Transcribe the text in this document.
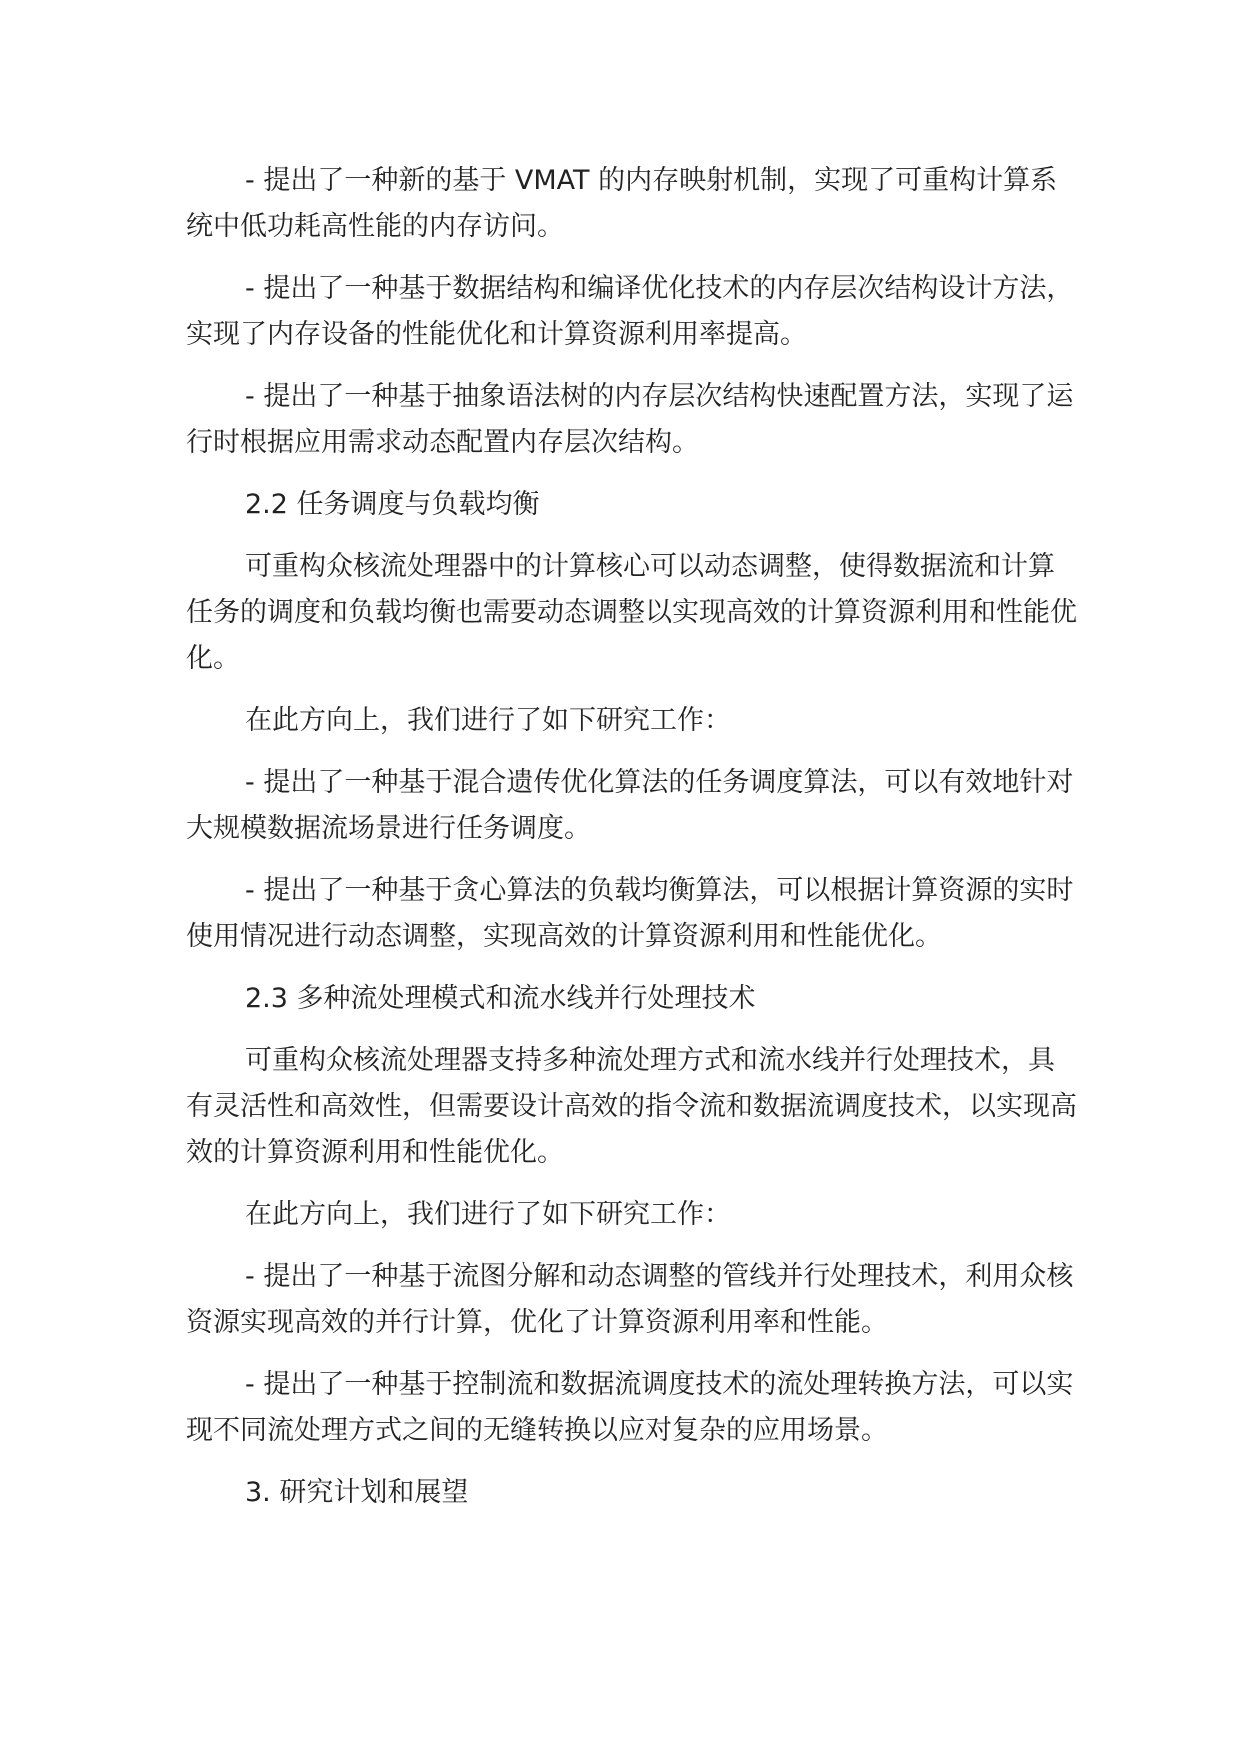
- 提出了一种新的基于 VMAT 的内存映射机制，实现了可重构计算系统中低功耗高性能的内存访问。

- 提出了一种基于数据结构和编译优化技术的内存层次结构设计方法，实现了内存设备的性能优化和计算资源利用率提高。

- 提出了一种基于抽象语法树的内存层次结构快速配置方法，实现了运行时根据应用需求动态配置内存层次结构。

2.2 任务调度与负载均衡

可重构众核流处理器中的计算核心可以动态调整，使得数据流和计算任务的调度和负载均衡也需要动态调整以实现高效的计算资源利用和性能优化。

在此方向上，我们进行了如下研究工作：

- 提出了一种基于混合遗传优化算法的任务调度算法，可以有效地针对大规模数据流场景进行任务调度。

- 提出了一种基于贪心算法的负载均衡算法，可以根据计算资源的实时使用情况进行动态调整，实现高效的计算资源利用和性能优化。

2.3 多种流处理模式和流水线并行处理技术

可重构众核流处理器支持多种流处理方式和流水线并行处理技术，具有灵活性和高效性，但需要设计高效的指令流和数据流调度技术，以实现高效的计算资源利用和性能优化。

在此方向上，我们进行了如下研究工作：

- 提出了一种基于流图分解和动态调整的管线并行处理技术，利用众核资源实现高效的并行计算，优化了计算资源利用率和性能。

- 提出了一种基于控制流和数据流调度技术的流处理转换方法，可以实现不同流处理方式之间的无缝转换以应对复杂的应用场景。

3. 研究计划和展望
